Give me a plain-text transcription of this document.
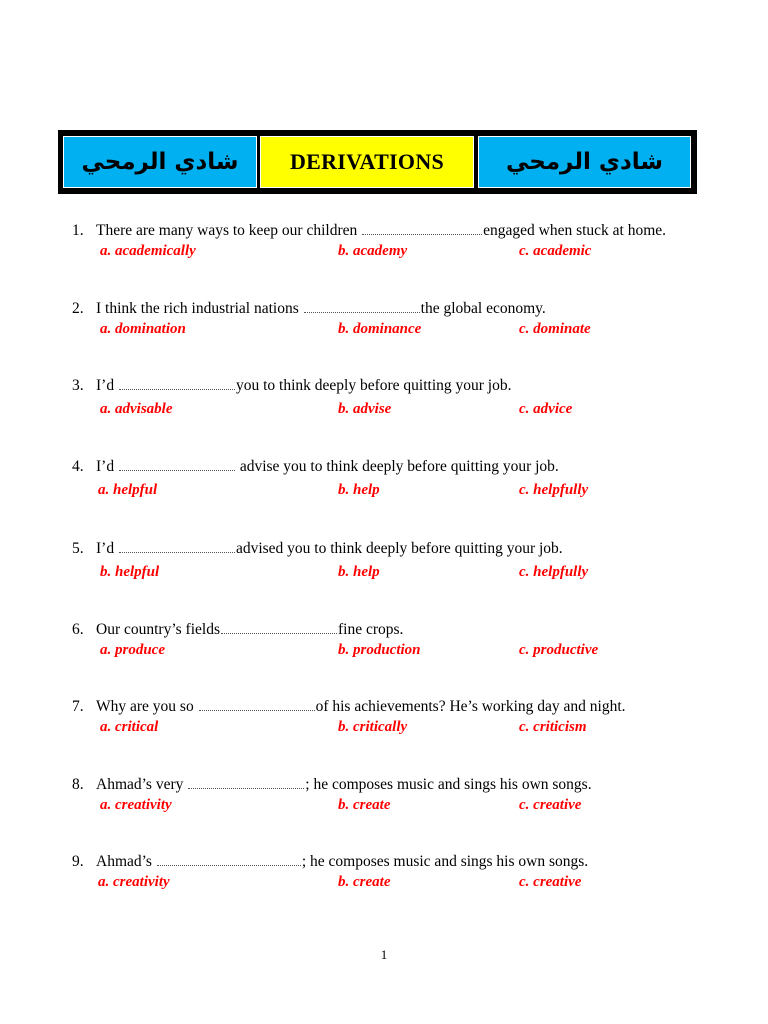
شادي الرمحي DERIVATIONS	شادي الرمحي
1. There are many ways to keep our children	engaged when stuck at home.
a. academically	b. academy	c. academic
2. I think the rich industrial nations	the global economy.
a. domination	b. dominance	c. dominate
3. I’d	you to think deeply before quitting your job.
a. advisable	b. advise	c. advice
4. I’d	advise you to think deeply before quitting your job.
a. helpful	b. help	c. helpfully
5. I’d	advised you to think deeply before quitting your job.
b. helpful	b. help	c. helpfully
6. Our country’s fields	fine crops.
a. produce	b. production	c. productive
7. Why are you so	of his achievements? He’s working day and night.
a. critical	b. critically	c. criticism
8. Ahmad’s very	; he composes music and sings his own songs.
a. creativity	b. create	c. creative
9. Ahmad’s	; he composes music and sings his own songs.
a. creativity	b. create	c. creative
1
